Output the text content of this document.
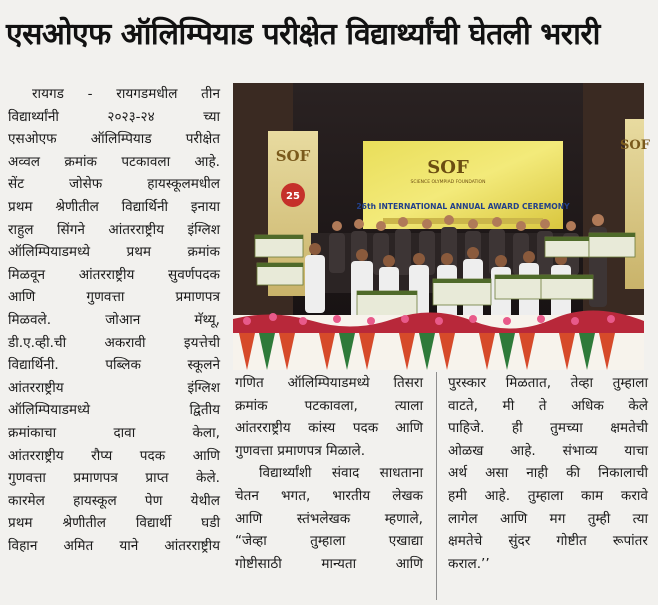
एसओएफ ऑलिम्पियाड परीक्षेत विद्यार्थ्यांची घेतली भरारी
रायगड - रायगडमधील तीन
विद्यार्थ्यांनी २०२३-२४ च्या
एसओएफ ऑलिम्पियाड परीक्षेत
अव्वल क्रमांक पटकावला आहे.
सेंट जोसेफ हायस्कूलमधील
प्रथम श्रेणीतील विद्यार्थिनी इनाया
राहुल सिंगने आंतरराष्ट्रीय इंग्लिश
ऑलिम्पियाडमध्ये प्रथम क्रमांक
मिळवून आंतरराष्ट्रीय सुवर्णपदक
आणि गुणवत्ता प्रमाणपत्र
मिळवले. जोआन मॅथ्यू,
डी.ए.व्ही.ची अकरावी इयत्तेची
विद्यार्थिनी. पब्लिक स्कूलने
आंतरराष्ट्रीय इंग्लिश
ऑलिम्पियाडमध्ये द्वितीय
क्रमांकाचा दावा केला,
आंतरराष्ट्रीय रौप्य पदक आणि
गुणवत्ता प्रमाणपत्र प्राप्त केले.
कारमेल हायस्कूल पेण येथील
प्रथम श्रेणीतील विद्यार्थी घडी
विहान अमित याने आंतरराष्ट्रीय
SOF
25
SOF
SOF
SCIENCE OLYMPIAD FOUNDATION
26th INTERNATIONAL ANNUAL AWARD CEREMONY
गणित ऑलिम्पियाडमध्ये तिसरा
क्रमांक पटकावला, त्याला
आंतरराष्ट्रीय कांस्य पदक आणि
गुणवत्ता प्रमाणपत्र मिळाले.
विद्यार्थ्यांशी संवाद साधताना
चेतन भगत, भारतीय लेखक
आणि स्तंभलेखक म्हणाले,
“जेव्हा तुम्हाला एखाद्या
गोष्टीसाठी मान्यता आणि
पुरस्कार मिळतात, तेव्हा तुम्हाला
वाटते, मी ते अधिक केले
पाहिजे. ही तुमच्या क्षमतेची
ओळख आहे. संभाव्य याचा
अर्थ असा नाही की निकालाची
हमी आहे. तुम्हाला काम करावे
लागेल आणि मग तुम्ही त्या
क्षमतेचे सुंदर गोष्टीत रूपांतर
कराल.’’
